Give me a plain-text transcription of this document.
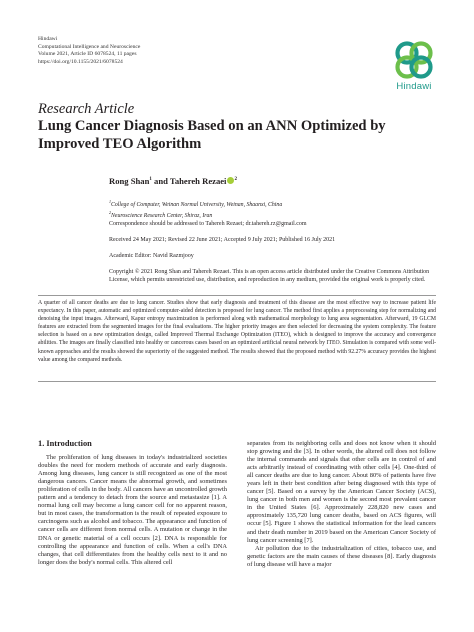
Hindawi
Computational Intelligence and Neuroscience
Volume 2021, Article ID 6078524, 11 pages
https://doi.org/10.1155/2021/6078524
Hindawi
Research Article
Lung Cancer Diagnosis Based on an ANN Optimized by Improved TEO Algorithm
Rong Shan$^1$ and Tahereh Rezaei $^2$
$^1$College of Computer, Weinan Normal University, Weinan, Shaanxi, China
$^2$Neuroscience Research Center, Shiraz, Iran
Correspondence should be addressed to Tahereh Rezaei; dr.tahereh.rz@gmail.com
Received 24 May 2021; Revised 22 June 2021; Accepted 9 July 2021; Published 16 July 2021
Academic Editor: Navid Razmjooy
Copyright © 2021 Rong Shan and Tahereh Rezaei. This is an open access article distributed under the Creative Commons Attribution License, which permits unrestricted use, distribution, and reproduction in any medium, provided the original work is properly cited.
A quarter of all cancer deaths are due to lung cancer. Studies show that early diagnosis and treatment of this disease are the most effective way to increase patient life expectancy. In this paper, automatic and optimized computer-aided detection is proposed for lung cancer. The method first applies a preprocessing step for normalizing and denoising the input images. Afterward, Kapur entropy maximization is performed along with mathematical morphology to lung area segmentation. Afterward, 19 GLCM features are extracted from the segmented images for the final evaluations. The higher priority images are then selected for decreasing the system complexity. The feature selection is based on a new optimization design, called Improved Thermal Exchange Optimization (ITEO), which is designed to improve the accuracy and convergence abilities. The images are finally classified into healthy or cancerous cases based on an optimized artificial neural network by ITEO. Simulation is compared with some well-known approaches and the results showed the superiority of the suggested method. The results showed that the proposed method with 92.27% accuracy provides the highest value among the compared methods.
1. Introduction

The proliferation of lung diseases in today's industrialized societies doubles the need for modern methods of accurate and early diagnosis. Among lung diseases, lung cancer is still recognized as one of the most dangerous cancers. Cancer means the abnormal growth, and sometimes proliferation of cells in the body. All cancers have an uncontrolled growth pattern and a tendency to detach from the source and metastasize [1]. A normal lung cell may become a lung cancer cell for no apparent reason, but in most cases, the transformation is the result of repeated exposure to carcinogens such as alcohol and tobacco. The appearance and function of cancer cells are different from normal cells. A mutation or change in the DNA or genetic material of a cell occurs [2]. DNA is responsible for controlling the appearance and function of cells. When a cell's DNA changes, that cell differentiates from the healthy cells next to it and no longer does the body's normal cells. This altered cell

separates from its neighboring cells and does not know when it should stop growing and die [3]. In other words, the altered cell does not follow the internal commands and signals that other cells are in control of and acts arbitrarily instead of coordinating with other cells [4]. One-third of all cancer deaths are due to lung cancer. About 80% of patients have five years left in their best condition after being diagnosed with this type of cancer [5]. Based on a survey by the American Cancer Society (ACS), lung cancer in both men and women is the second most prevalent cancer in the United States [6]. Approximately 228,820 new cases and approximately 135,720 lung cancer deaths, based on ACS figures, will occur [5]. Figure 1 shows the statistical information for the lead cancers and their death number in 2019 based on the American Cancer Society of lung cancer screening [7].

Air pollution due to the industrialization of cities, tobacco use, and genetic factors are the main causes of these diseases [8]. Early diagnosis of lung disease will have a major
